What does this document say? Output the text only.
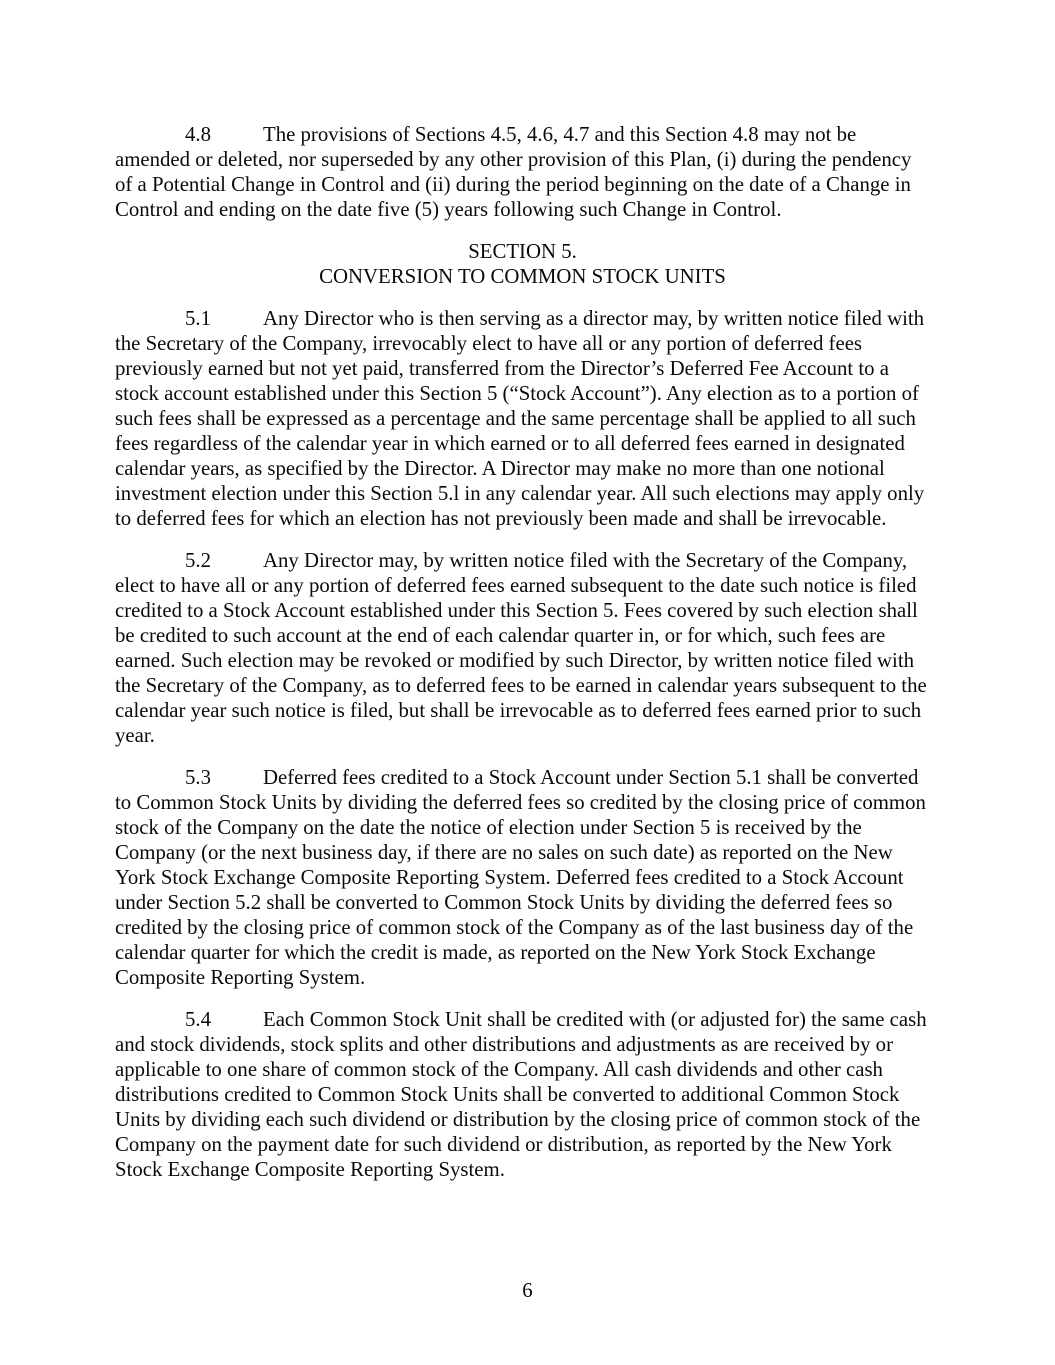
4.8	The provisions of Sections 4.5, 4.6, 4.7 and this Section 4.8 may not be amended or deleted, nor superseded by any other provision of this Plan, (i) during the pendency of a Potential Change in Control and (ii) during the period beginning on the date of a Change in Control and ending on the date five (5) years following such Change in Control.

SECTION 5.
CONVERSION TO COMMON STOCK UNITS

5.1	Any Director who is then serving as a director may, by written notice filed with the Secretary of the Company, irrevocably elect to have all or any portion of deferred fees previously earned but not yet paid, transferred from the Director’s Deferred Fee Account to a stock account established under this Section 5 (“Stock Account”). Any election as to a portion of such fees shall be expressed as a percentage and the same percentage shall be applied to all such fees regardless of the calendar year in which earned or to all deferred fees earned in designated calendar years, as specified by the Director. A Director may make no more than one notional investment election under this Section 5.l in any calendar year. All such elections may apply only to deferred fees for which an election has not previously been made and shall be irrevocable.

5.2	Any Director may, by written notice filed with the Secretary of the Company, elect to have all or any portion of deferred fees earned subsequent to the date such notice is filed credited to a Stock Account established under this Section 5. Fees covered by such election shall be credited to such account at the end of each calendar quarter in, or for which, such fees are earned. Such election may be revoked or modified by such Director, by written notice filed with the Secretary of the Company, as to deferred fees to be earned in calendar years subsequent to the calendar year such notice is filed, but shall be irrevocable as to deferred fees earned prior to such year.

5.3	Deferred fees credited to a Stock Account under Section 5.1 shall be converted to Common Stock Units by dividing the deferred fees so credited by the closing price of common stock of the Company on the date the notice of election under Section 5 is received by the Company (or the next business day, if there are no sales on such date) as reported on the New York Stock Exchange Composite Reporting System. Deferred fees credited to a Stock Account under Section 5.2 shall be converted to Common Stock Units by dividing the deferred fees so credited by the closing price of common stock of the Company as of the last business day of the calendar quarter for which the credit is made, as reported on the New York Stock Exchange Composite Reporting System.

5.4	Each Common Stock Unit shall be credited with (or adjusted for) the same cash and stock dividends, stock splits and other distributions and adjustments as are received by or applicable to one share of common stock of the Company. All cash dividends and other cash distributions credited to Common Stock Units shall be converted to additional Common Stock Units by dividing each such dividend or distribution by the closing price of common stock of the Company on the payment date for such dividend or distribution, as reported by the New York Stock Exchange Composite Reporting System.

6
